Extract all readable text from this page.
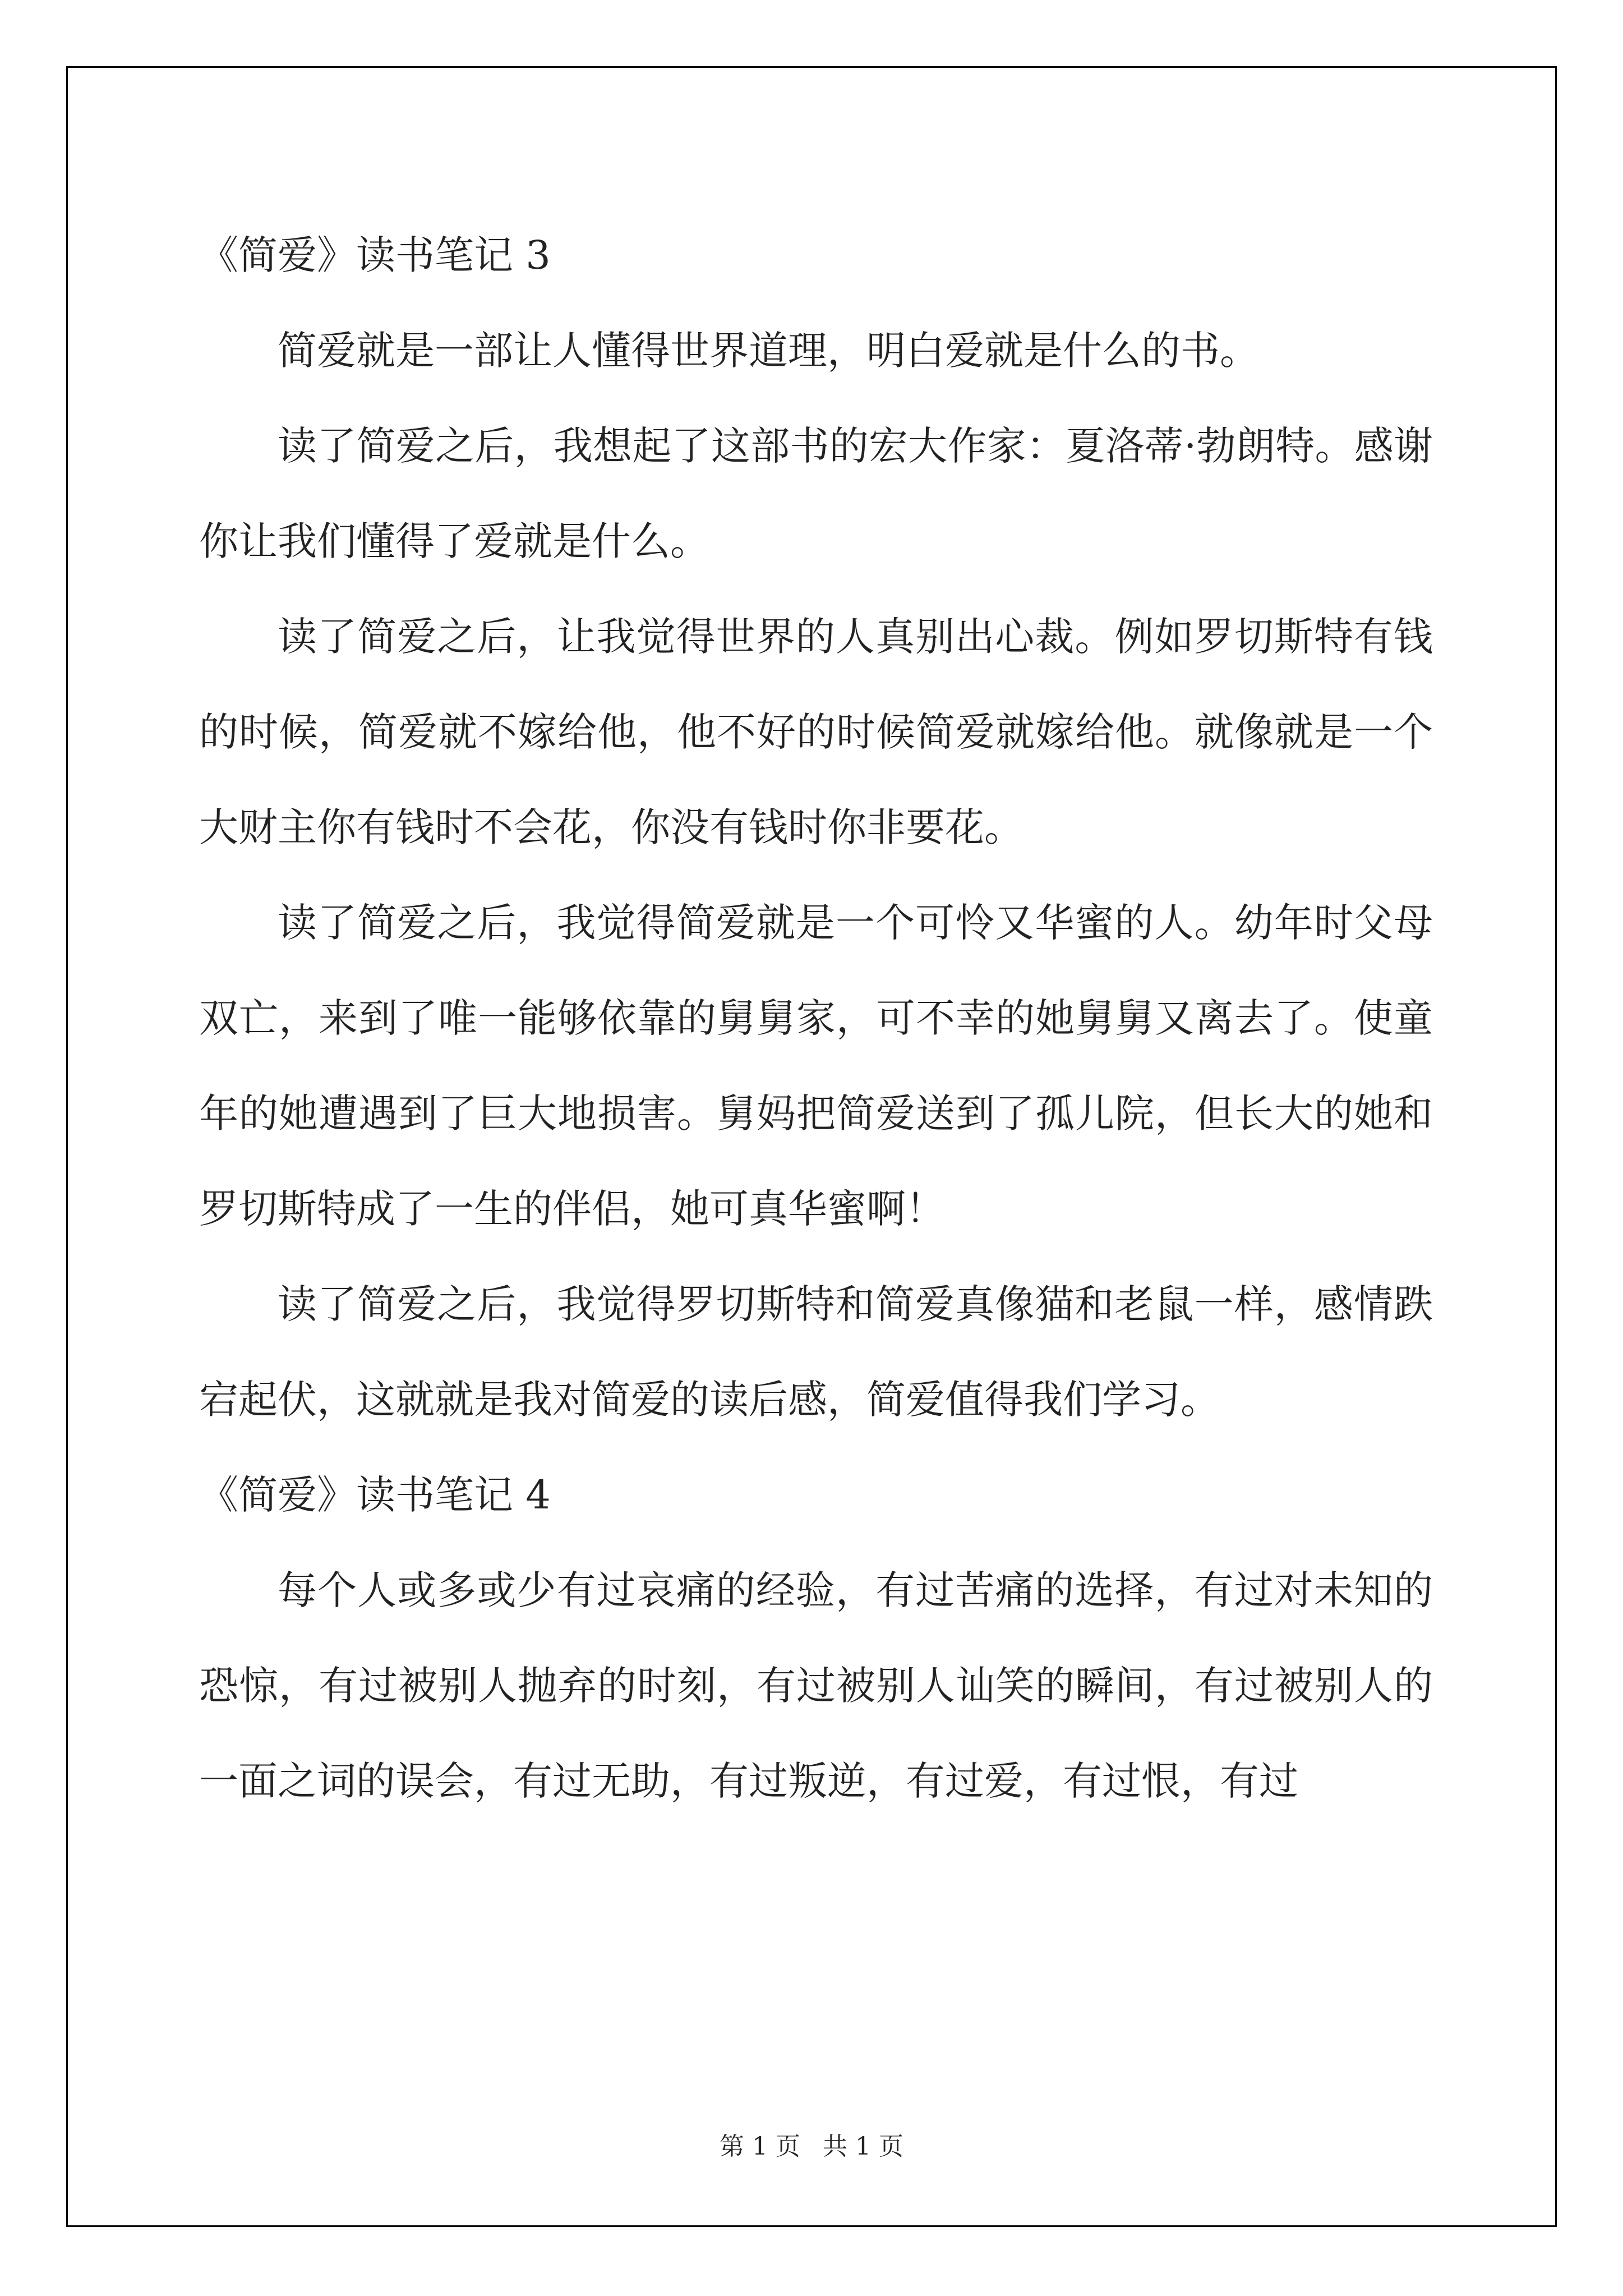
《简爱》读书笔记 3

简爱就是一部让人懂得世界道理，明白爱就是什么的书。

读了简爱之后，我想起了这部书的宏大作家：夏洛蒂·勃朗特。感谢你让我们懂得了爱就是什么。

读了简爱之后，让我觉得世界的人真别出心裁。例如罗切斯特有钱的时候，简爱就不嫁给他，他不好的时候简爱就嫁给他。就像就是一个大财主你有钱时不会花，你没有钱时你非要花。

读了简爱之后，我觉得简爱就是一个可怜又华蜜的人。幼年时父母双亡，来到了唯一能够依靠的舅舅家，可不幸的她舅舅又离去了。使童年的她遭遇到了巨大地损害。舅妈把简爱送到了孤儿院，但长大的她和罗切斯特成了一生的伴侣，她可真华蜜啊！

读了简爱之后，我觉得罗切斯特和简爱真像猫和老鼠一样，感情跌宕起伏，这就就是我对简爱的读后感，简爱值得我们学习。

《简爱》读书笔记 4

每个人或多或少有过哀痛的经验，有过苦痛的选择，有过对未知的恐惊，有过被别人抛弃的时刻，有过被别人讪笑的瞬间，有过被别人的一面之词的误会，有过无助，有过叛逆，有过爱，有过恨，有过

第 1 页 共 1 页
